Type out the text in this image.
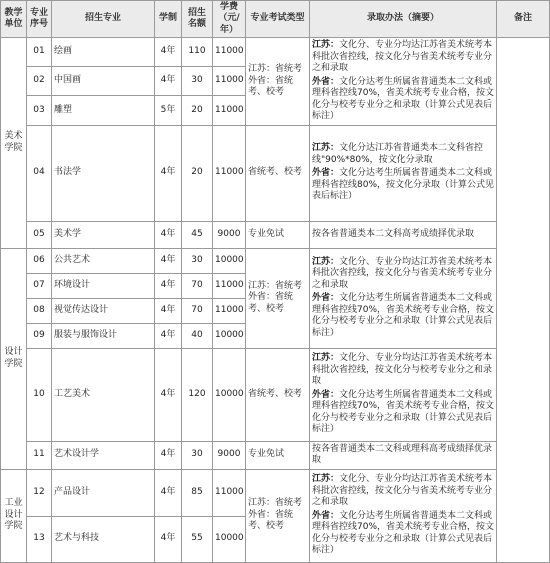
教学单位	专业序号	招生专业	学制	招生名额	学费（元/年）	专业考试类型	录取办法（摘要）	备注
美术学院	01	绘画	4年	110	11000	江苏：省统考 外省：省统考、校考	江苏：文化分、专业分均达江苏省美术统考本科批次省控线，按文化分与省美术统考专业分之和录取
外省：文化分达考生所属省普通类本二文科或理科省控线70%，省美术统考专业合格，按文化分与校考专业分之和录取（计算公式见表后标注）	

	02	中国画	4年	30	11000			
	03	雕塑	5年	20	11000			
	04	书法学	4年	20	11000	省统考、校考	江苏：文化分达江苏省普通类本二文科省控线"90%*80%，按文化分录取
外省：文化分达考生所属省普通类本二文科或理科省控线80%，按文化分录取（计算公式见表后标注）	

	05	美术学	4年	45	9000	专业免试	按各省普通类本二文科高考成绩择优录取	
设计学院	06	公共艺术	4年	30	10000	江苏：省统考 外省：省统考、校考	江苏：文化分、专业分均达江苏省美术统考本科批次省控线，按文化分与省美术统考专业分之和录取
外省：文化分达考生所属省普通类本二文科或理科省控线70%，省美术统考专业合格，按文化分与校考专业分之和录取（计算公式见表后标注）	

	07	环境设计	4年	70	11000			
	08	视觉传达设计	4年	70	11000			
	09	服装与服饰设计	4年	40	10000			
	10	工艺美术	4年	120	10000	省统考、校考	江苏：文化分、专业分均达江苏省美术统考本科批次省控线，按文化分与校考专业分之和录取
外省：文化分达考生所属省普通类本二文科或理科省控线70%，省美术统考专业合格，按文化分与校考专业分之和录取（计算公式见表后标注）	

	11	艺术设计学	4年	30	9000	专业免试	按各省普通类本二文科或理科高考成绩择优录取	
工业设计学院	12	产品设计	4年	85	11000	江苏：省统考 外省：省统考、校考	江苏：文化分、专业分均达江苏省美术统考本科批次省控线，按文化分与省美术统考专业分之和录取
外省：文化分达考生所属省普通类本二文科或理科省控线70%，省美术统考专业合格，按文化分与校考专业分之和录取（计算公式见表后标注）	

	13	艺术与科技	4年	55	10000			
